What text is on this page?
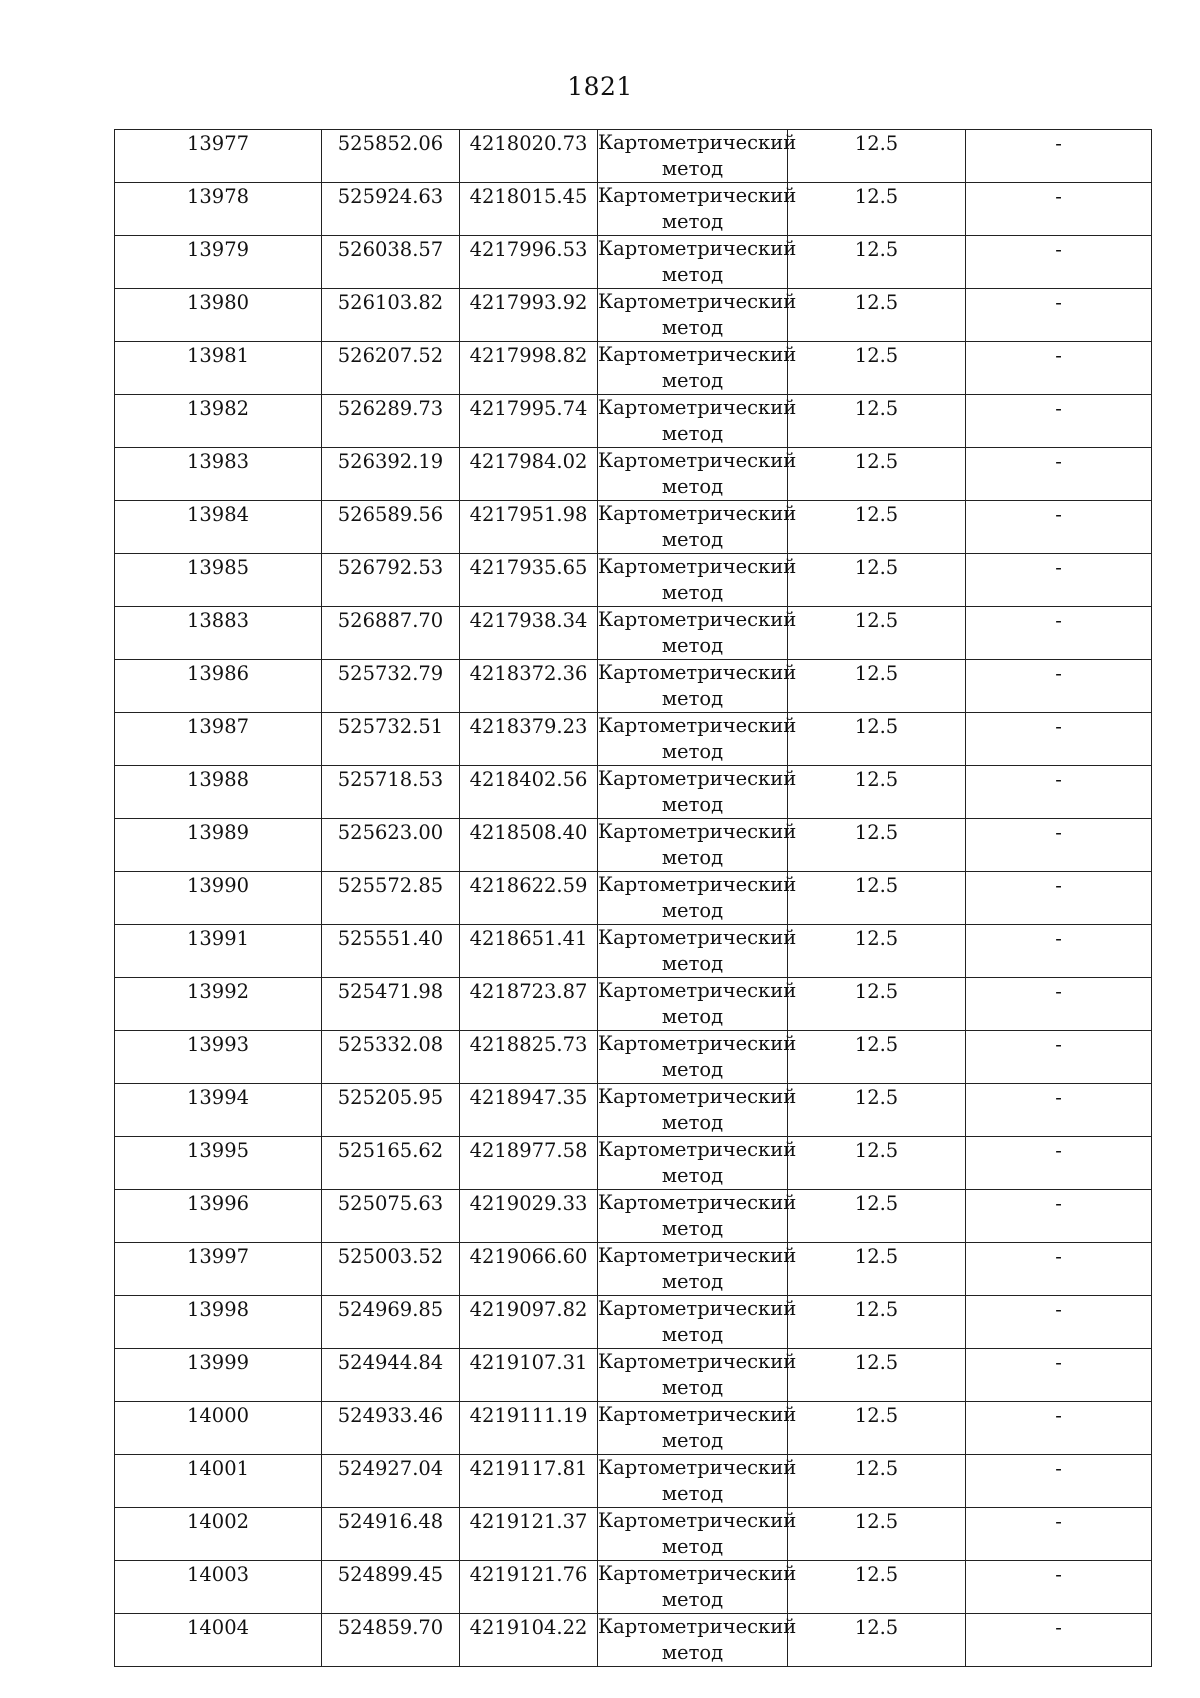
1821
13977	525852.06	4218020.73	Картометрический
метод	12.5	-

13978	525924.63	4218015.45	Картометрический
метод	12.5	-

13979	526038.57	4217996.53	Картометрический
метод	12.5	-

13980	526103.82	4217993.92	Картометрический
метод	12.5	-

13981	526207.52	4217998.82	Картометрический
метод	12.5	-

13982	526289.73	4217995.74	Картометрический
метод	12.5	-

13983	526392.19	4217984.02	Картометрический
метод	12.5	-

13984	526589.56	4217951.98	Картометрический
метод	12.5	-

13985	526792.53	4217935.65	Картометрический
метод	12.5	-

13883	526887.70	4217938.34	Картометрический
метод	12.5	-

13986	525732.79	4218372.36	Картометрический
метод	12.5	-

13987	525732.51	4218379.23	Картометрический
метод	12.5	-

13988	525718.53	4218402.56	Картометрический
метод	12.5	-

13989	525623.00	4218508.40	Картометрический
метод	12.5	-

13990	525572.85	4218622.59	Картометрический
метод	12.5	-

13991	525551.40	4218651.41	Картометрический
метод	12.5	-

13992	525471.98	4218723.87	Картометрический
метод	12.5	-

13993	525332.08	4218825.73	Картометрический
метод	12.5	-

13994	525205.95	4218947.35	Картометрический
метод	12.5	-

13995	525165.62	4218977.58	Картометрический
метод	12.5	-

13996	525075.63	4219029.33	Картометрический
метод	12.5	-

13997	525003.52	4219066.60	Картометрический
метод	12.5	-

13998	524969.85	4219097.82	Картометрический
метод	12.5	-

13999	524944.84	4219107.31	Картометрический
метод	12.5	-

14000	524933.46	4219111.19	Картометрический
метод	12.5	-

14001	524927.04	4219117.81	Картометрический
метод	12.5	-

14002	524916.48	4219121.37	Картометрический
метод	12.5	-

14003	524899.45	4219121.76	Картометрический
метод	12.5	-

14004	524859.70	4219104.22	Картометрический
метод	12.5	-
